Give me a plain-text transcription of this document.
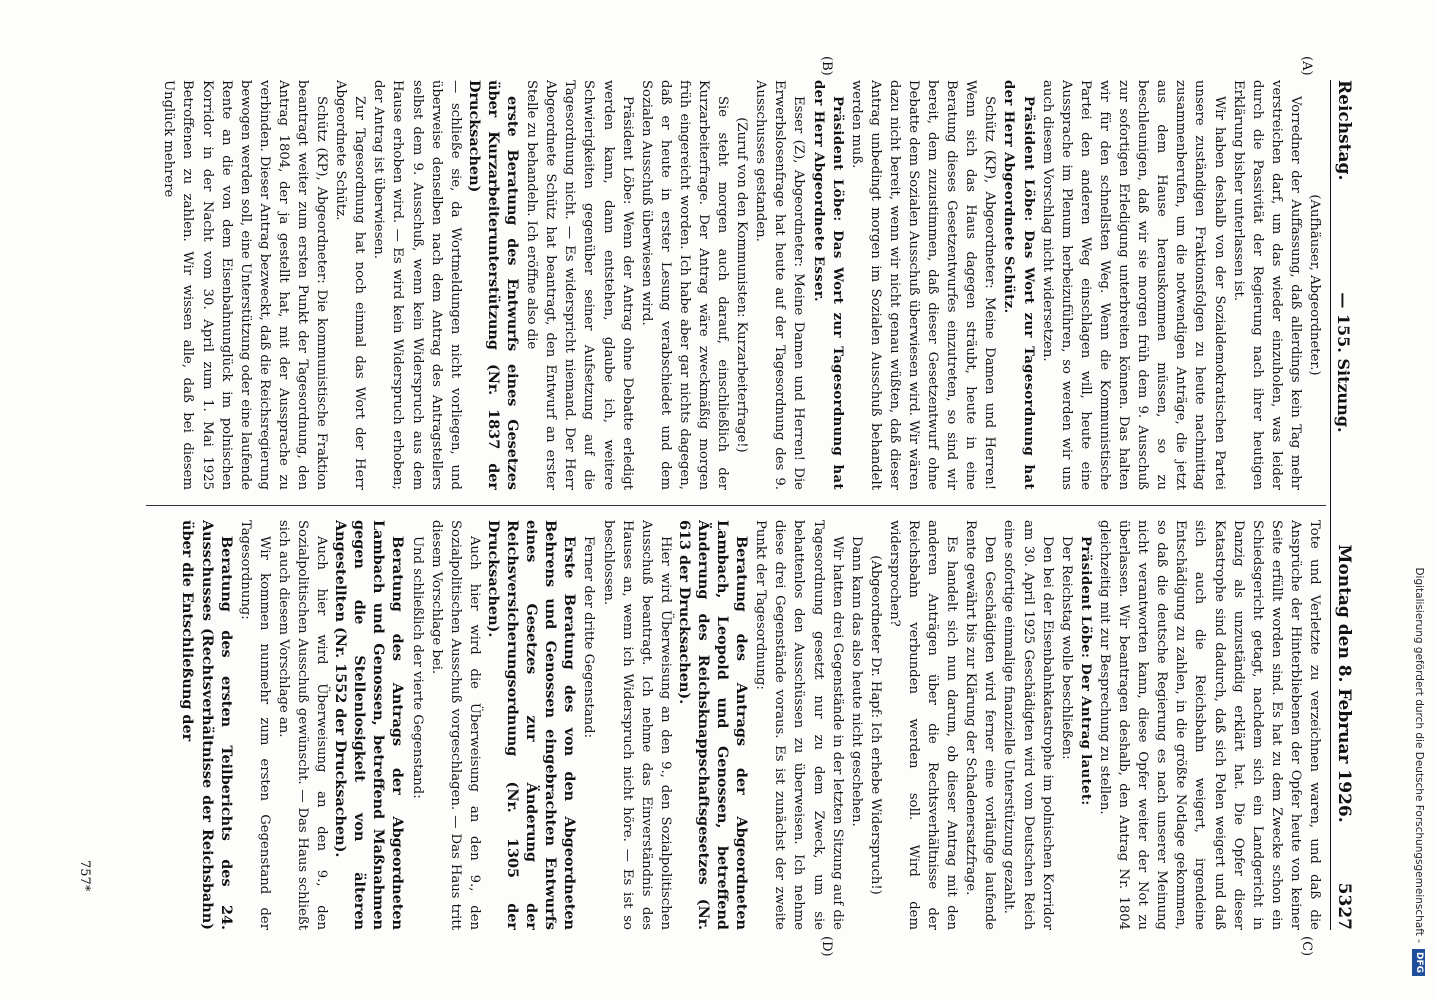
Digitalisierung gefördert durch die Deutsche Forschungsgemeinschaft -
DFG
Reichstag.
— 155. Sitzung.
Montag den 8. Februar 1926.
5327
(A)
(B)
(C)
(D)

(Aufhäuser, Abgeordneter.)

Vorredner der Auffassung, daß allerdings kein Tag mehr verstreichen darf, um das wieder einzuholen, was leider durch die Passivität der Regierung nach ihrer heutigen Erklärung bisher unterlassen ist.

Wir haben deshalb von der Sozialdemokratischen Partei unsere zuständigen Fraktionsfolgen zu heute nachmittag zusammenberufen, um die notwendigen Anträge, die jetzt aus dem Hause herauskommen müssen, so zu beschleunigen, daß wir sie morgen früh dem 9. Ausschuß zur sofortigen Erledigung unterbreiten können. Das halten wir für den schnellsten Weg. Wenn die Kommunistische Partei den anderen Weg einschlagen will, heute eine Aussprache im Plenum herbeizuführen, so werden wir uns auch diesem Vorschlag nicht widersetzen.

Präsident Löbe: Das Wort zur Tagesordnung hat der Herr Abgeordnete Schütz.

Schütz (KP), Abgeordneter: Meine Damen und Herren! Wenn sich das Haus dagegen sträubt, heute in eine Beratung dieses Gesetzentwurfes einzutreten, so sind wir bereit, dem zuzustimmen, daß dieser Gesetzentwurf ohne Debatte dem Sozialen Ausschuß überwiesen wird. Wir wären dazu nicht bereit, wenn wir nicht genau wüßten, daß dieser Antrag unbedingt morgen im Sozialen Ausschuß behandelt werden muß.

Präsident Löbe: Das Wort zur Tagesordnung hat der Herr Abgeordnete Esser.

Esser (Z), Abgeordneter: Meine Damen und Herren! Die Erwerbslosenfrage hat heute auf der Tagesordnung des 9. Ausschusses gestanden.

(Zuruf von den Kommunisten: Kurzarbeiterfrage!)

Sie steht morgen auch darauf, einschließlich der Kurzarbeiterfrage. Der Antrag wäre zweckmäßig morgen früh eingereicht worden. Ich habe aber gar nichts dagegen, daß er heute in erster Lesung verabschiedet und dem Sozialen Ausschuß überwiesen wird.

Präsident Löbe: Wenn der Antrag ohne Debatte erledigt werden kann, dann entstehen, glaube ich, weitere Schwierigkeiten gegenüber seiner Aufsetzung auf die Tagesordnung nicht. — Es widerspricht niemand. Der Herr Abgeordnete Schütz hat beantragt, den Entwurf an erster Stelle zu behandeln. Ich eröffne also die

erste Beratung des Entwurfs eines Gesetzes über Kurzarbeiterunterstützung (Nr. 1837 der Drucksachen)

— schließe sie, da Wortmeldungen nicht vorliegen, und überweise denselben nach dem Antrag des Antragstellers selbst dem 9. Ausschuß, wenn kein Widerspruch aus dem Hause erhoben wird. — Es wird kein Widerspruch erhoben; der Antrag ist überwiesen.

Zur Tagesordnung hat noch einmal das Wort der Herr Abgeordnete Schütz.

Schütz (KP), Abgeordneter: Die kommunistische Fraktion beantragt weiter zum ersten Punkt der Tagesordnung, den Antrag 1804, der ja gestellt hat, mit der Aussprache zu verbinden. Dieser Antrag bezweckt, daß die Reichsregierung bewogen werden soll, eine Unterstützung oder eine laufende Rente an die von dem Eisenbahnunglück im polnischen Korridor in der Nacht vom 30. April zum 1. Mai 1925 Betroffenen zu zahlen. Wir wissen alle, daß bei diesem Unglück mehrere

Tote und Verletzte zu verzeichnen waren, und daß die Ansprüche der Hinterbliebenen der Opfer heute von keiner Seite erfüllt worden sind. Es hat zu dem Zwecke schon ein Schiedsgericht getagt, nachdem sich ein Landgericht in Danzig als unzuständig erklärt hat. Die Opfer dieser Katastrophe sind dadurch, daß sich Polen weigert und daß sich auch die Reichsbahn weigert, irgendeine Entschädigung zu zahlen, in die größte Notlage gekommen, so daß die deutsche Regierung es nach unserer Meinung nicht verantworten kann, diese Opfer weiter der Not zu überlassen. Wir beantragen deshalb, den Antrag Nr. 1804 gleichzeitig mit zur Besprechung zu stellen.

Präsident Löbe: Der Antrag lautet:

Der Reichstag wolle beschließen:

Den bei der Eisenbahnkatastrophe im polnischen Korridor am 30. April 1925 Geschädigten wird vom Deutschen Reich eine sofortige einmalige finanzielle Unterstützung gezahlt.

Den Geschädigten wird ferner eine vorläufige laufende Rente gewährt bis zur Klärung der Schadenersatzfrage.

Es handelt sich nun darum, ob dieser Antrag mit den anderen Anträgen über die Rechtsverhältnisse der Reichsbahn verbunden werden soll. Wird dem widersprochen?

(Abgeordneter Dr. Hapf: Ich erhebe Widerspruch!)

Dann kann das also heute nicht geschehen.

Wir hatten drei Gegenstände in der letzten Sitzung auf die Tagesordnung gesetzt nur zu dem Zweck, um sie behattenlos den Ausschüssen zu überweisen. Ich nehme diese drei Gegenstände voraus. Es ist zunächst der zweite Punkt der Tagesordnung:

Beratung des Antrags der Abgeordneten Lambach, Leopold und Genossen, betreffend Änderung des Reichsknappschaftsgesetzes (Nr. 613 der Drucksachen).

Hier wird Überweisung an den 9., den Sozialpolitischen Ausschuß beantragt. Ich nehme das Einverständnis des Hauses an, wenn ich Widerspruch nicht höre. — Es ist so beschlossen.

Ferner der dritte Gegenstand:

Erste Beratung des von den Abgeordneten Behrens und Genossen eingebrachten Entwurfs eines Gesetzes zur Änderung der Reichsversicherungsordnung (Nr. 1305 der Drucksachen).

Auch hier wird die Überweisung an den 9., den Sozialpolitischen Ausschuß vorgeschlagen. — Das Haus tritt diesem Vorschlage bei.

Und schließlich der vierte Gegenstand:

Beratung des Antrags der Abgeordneten Lambach und Genossen, betreffend Maßnahmen gegen die Stellenlosigkeit von älteren Angestellten (Nr. 1552 der Drucksachen).

Auch hier wird Überweisung an den 9., den Sozialpolitischen Ausschuß gewünscht. — Das Haus schließt sich auch diesem Vorschlage an.

Wir kommen nunmehr zum ersten Gegenstand der Tagesordnung:

Beratung des ersten Teilberichts des 24. Ausschusses (Rechtsverhältnisse der Reichsbahn) über die Entschließung der

757*
